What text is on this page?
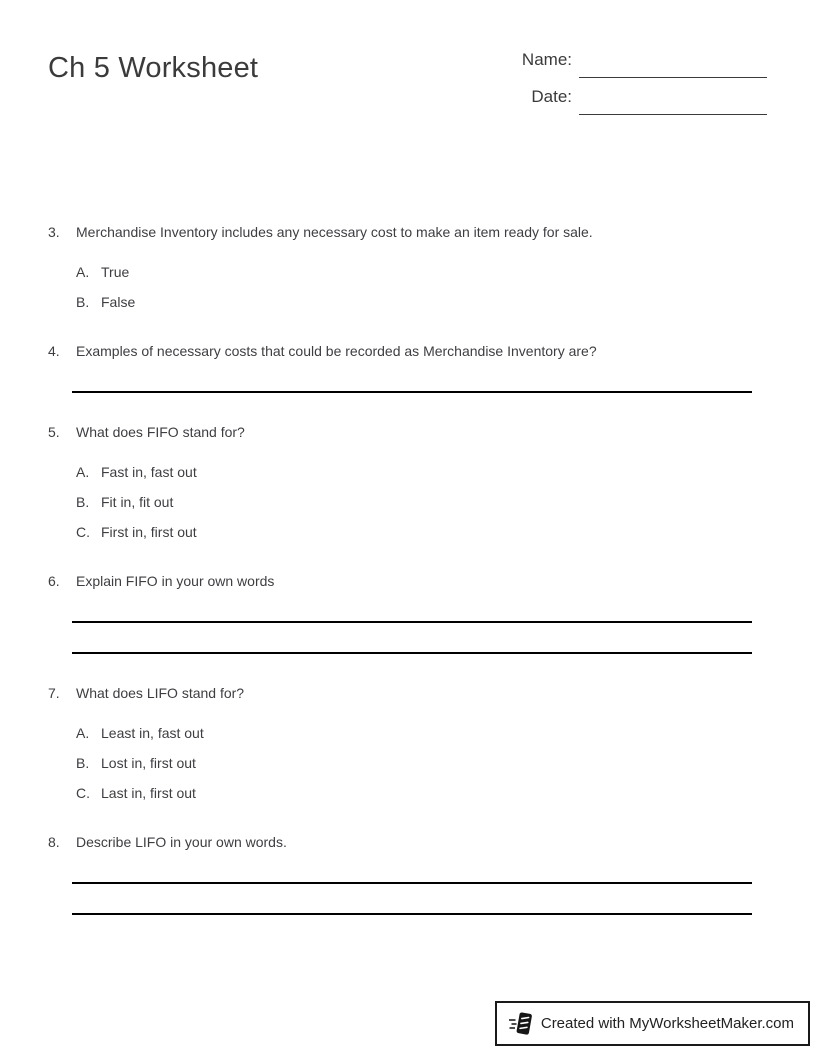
Ch 5 Worksheet	Name:
Date:
3.	Merchandise Inventory includes any necessary cost to make an item ready for sale.
A. True
B. False
4.	Examples of necessary costs that could be recorded as Merchandise Inventory are?
5.	What does FIFO stand for?
A. Fast in, fast out
B. Fit in, fit out
C. First in, first out
6.	Explain FIFO in your own words
7.	What does LIFO stand for?
A. Least in, fast out
B. Lost in, first out
C. Last in, first out
8.	Describe LIFO in your own words.
Created with MyWorksheetMaker.com
